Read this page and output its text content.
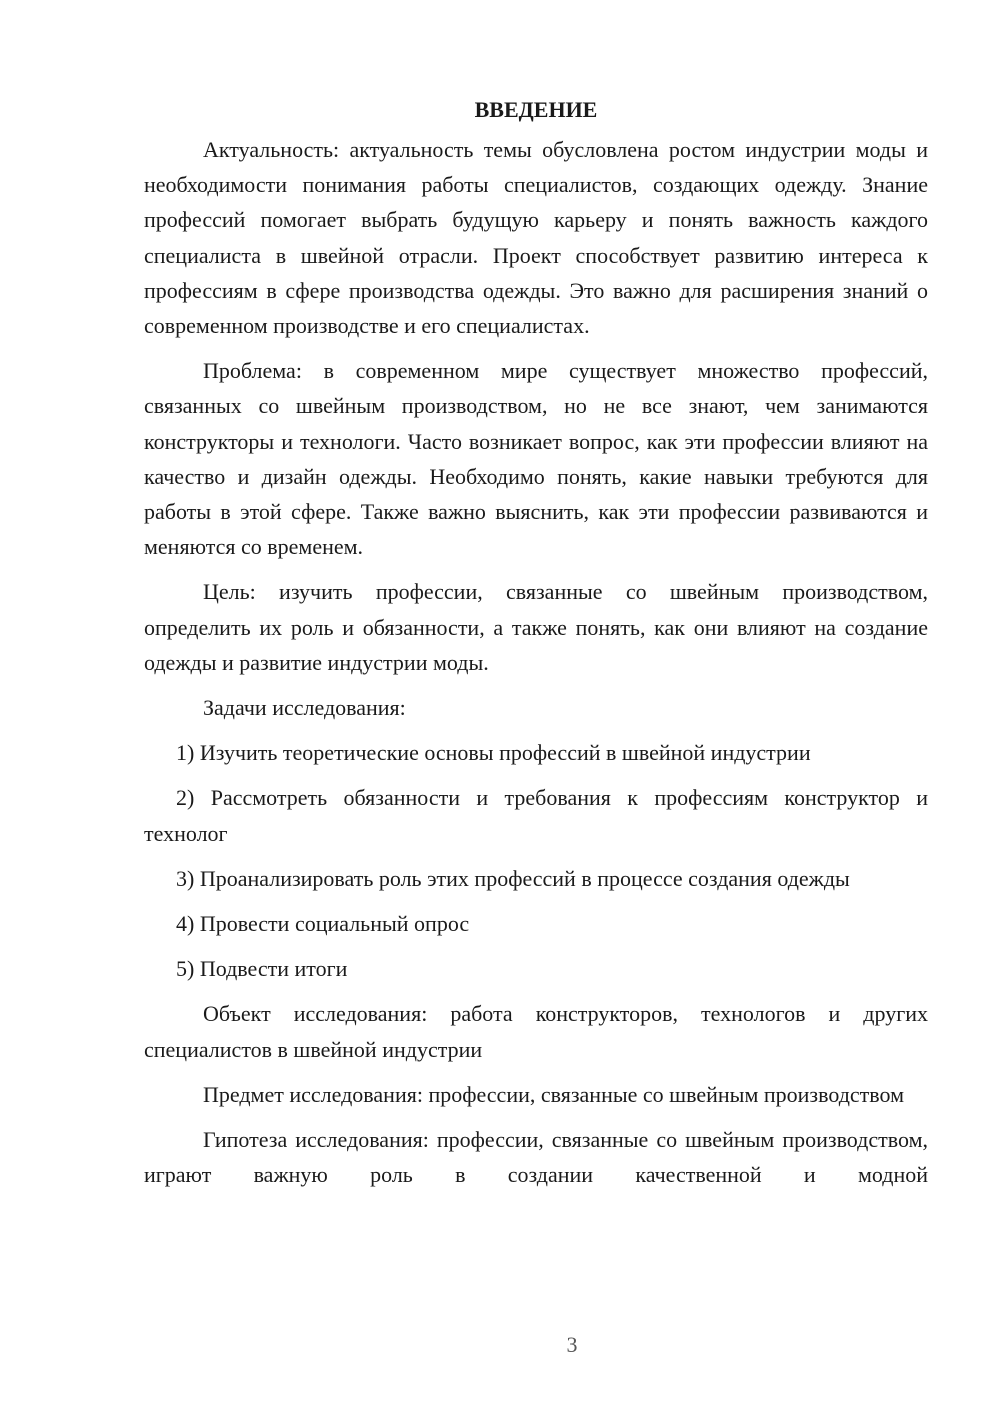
ВВЕДЕНИЕ

Актуальность: актуальность темы обусловлена ростом индустрии моды и необходимости понимания работы специалистов, создающих одежду. Знание профессий помогает выбрать будущую карьеру и понять важность каждого специалиста в швейной отрасли. Проект способствует развитию интереса к профессиям в сфере производства одежды. Это важно для расширения знаний о современном производстве и его специалистах.

Проблема: в современном мире существует множество профессий, связанных со швейным производством, но не все знают, чем занимаются конструкторы и технологи. Часто возникает вопрос, как эти профессии влияют на качество и дизайн одежды. Необходимо понять, какие навыки требуются для работы в этой сфере. Также важно выяснить, как эти профессии развиваются и меняются со временем.

Цель: изучить профессии, связанные со швейным производством, определить их роль и обязанности, а также понять, как они влияют на создание одежды и развитие индустрии моды.

Задачи исследования:

1) Изучить теоретические основы профессий в швейной индустрии

2) Рассмотреть обязанности и требования к профессиям конструктор и технолог

3) Проанализировать роль этих профессий в процессе создания одежды

4) Провести социальный опрос

5) Подвести итоги

Объект исследования: работа конструкторов, технологов и других специалистов в швейной индустрии

Предмет исследования: профессии, связанные со швейным производством

Гипотеза исследования: профессии, связанные со швейным производством, играют важную роль в создании качественной и модной

3
